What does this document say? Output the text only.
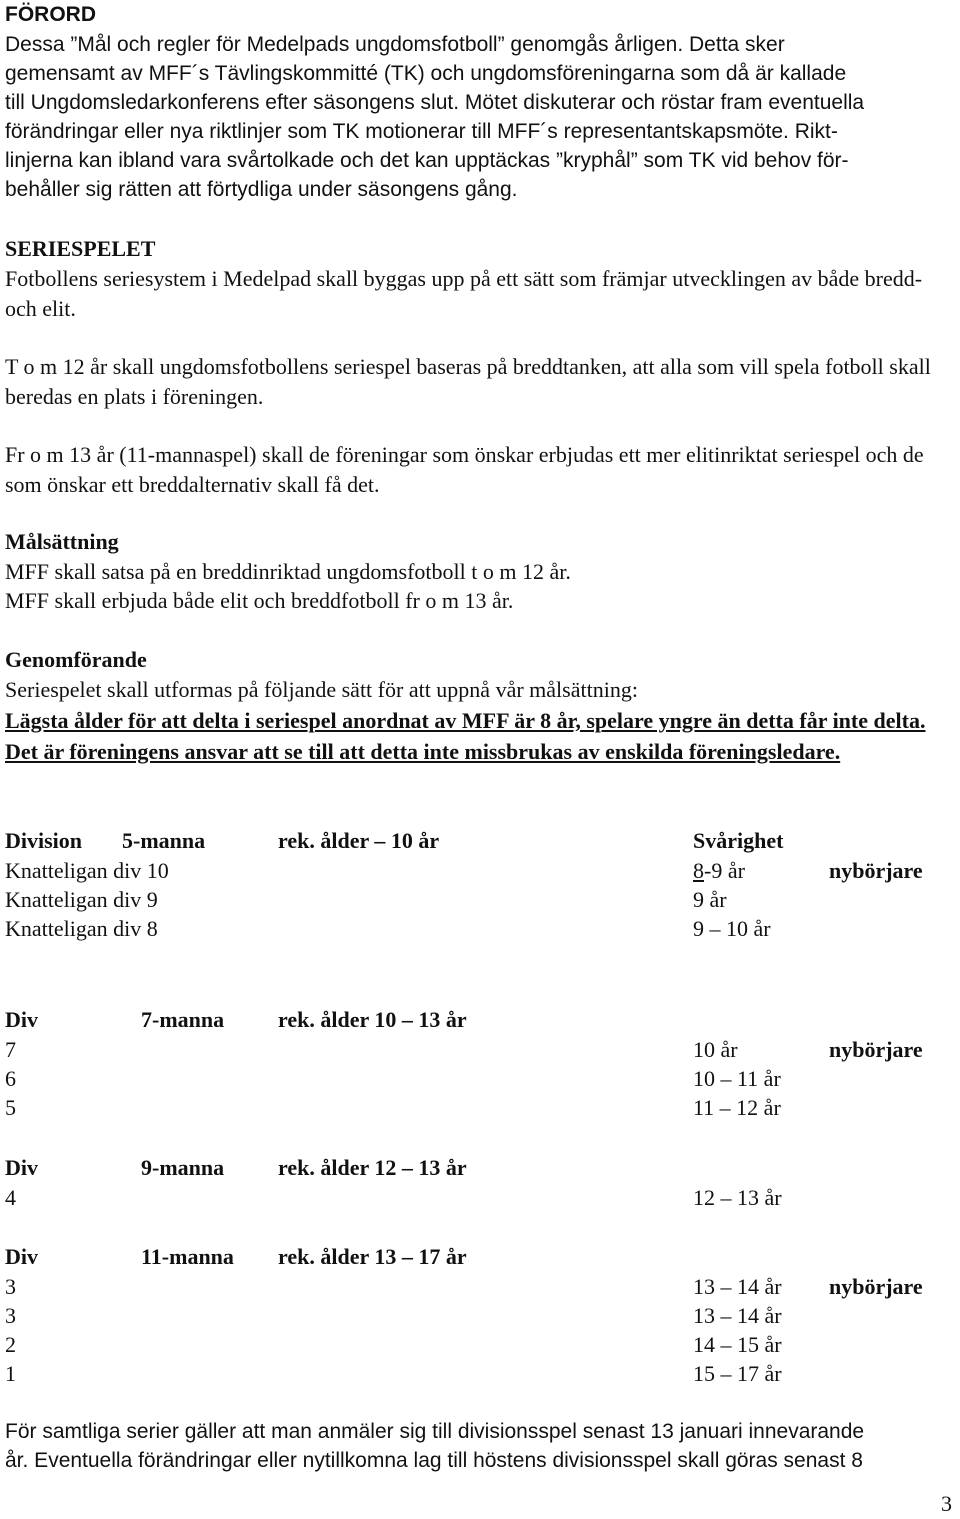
FÖRORD
Dessa ”Mål och regler för Medelpads ungdomsfotboll” genomgås årligen. Detta sker
gemensamt av MFF´s Tävlingskommitté (TK) och ungdomsföreningarna som då är kallade
till Ungdomsledarkonferens efter säsongens slut. Mötet diskuterar och röstar fram eventuella
förändringar eller nya riktlinjer som TK motionerar till MFF´s representantskapsmöte. Rikt-
linjerna kan ibland vara svårtolkade och det kan upptäckas ”kryphål” som TK vid behov för-
behåller sig rätten att förtydliga under säsongens gång.
SERIESPELET
Fotbollens seriesystem i Medelpad skall byggas upp på ett sätt som främjar utvecklingen av både bredd- och elit.
T o m 12 år skall ungdomsfotbollens seriespel baseras på breddtanken, att alla som vill spela fotboll skall beredas en plats i föreningen.
Fr o m 13 år (11-mannaspel) skall de föreningar som önskar erbjudas ett mer elitinriktat seriespel och de som önskar ett breddalternativ skall få det.
Målsättning
MFF skall satsa på en breddinriktad ungdomsfotboll t o m 12 år.
MFF skall erbjuda både elit och breddfotboll fr o m 13 år.
Genomförande
Seriespelet skall utformas på följande sätt för att uppnå vår målsättning:
Lägsta ålder för att delta i seriespel anordnat av MFF är 8 år, spelare yngre än detta får inte delta. Det är föreningens ansvar att se till att detta inte missbrukas av enskilda föreningsledare.
Division 5-manna	rek. ålder – 10 år	Svårighet
Knatteligan div 10	8-9 år	nybörjare
Knatteligan div 9	9 år
Knatteligan div 8	9 – 10 år
Div	7-manna rek. ålder 10 – 13 år
7	10 år	nybörjare
6	10 – 11 år
5	11 – 12 år
Div	9-manna rek. ålder 12 – 13 år
4	12 – 13 år
Div	11-manna rek. ålder 13 – 17 år
3	13 – 14 år nybörjare
3	13 – 14 år
2	14 – 15 år
1	15 – 17 år
För samtliga serier gäller att man anmäler sig till divisionsspel senast 13 januari innevarande
år. Eventuella förändringar eller nytillkomna lag till höstens divisionsspel skall göras senast 8
3
